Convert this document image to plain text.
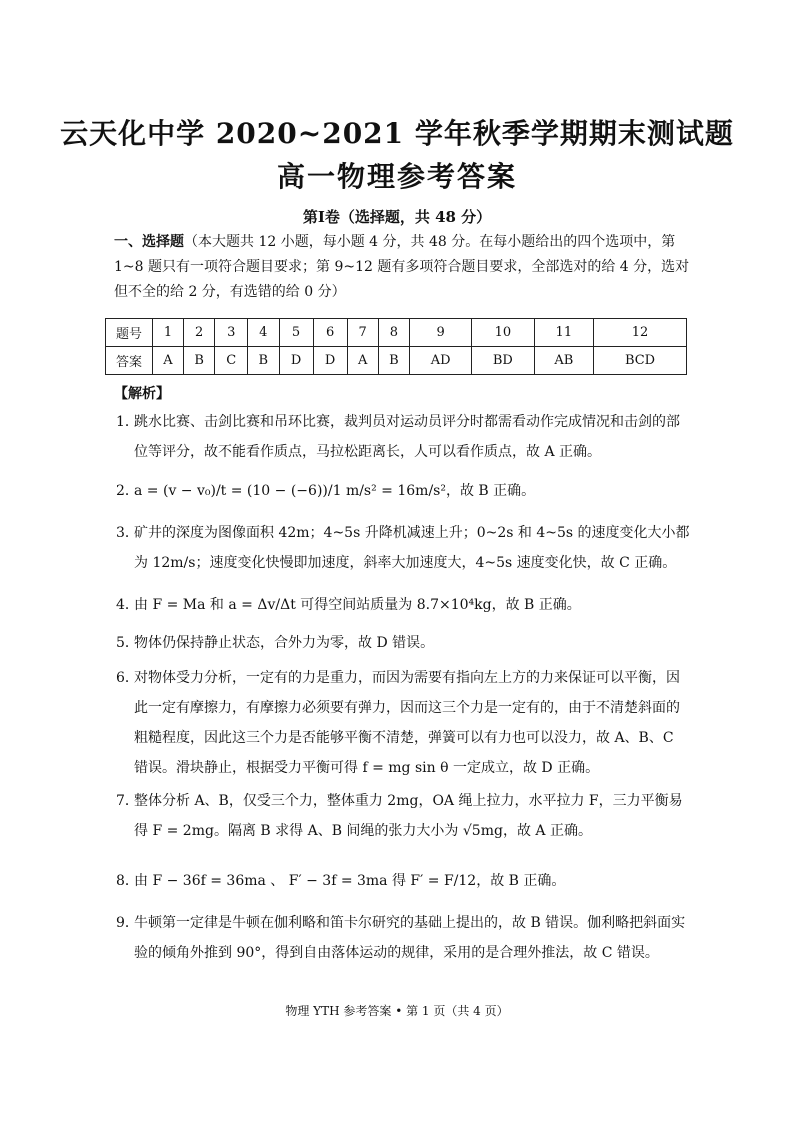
云天化中学 2020~2021 学年秋季学期期末测试题
高一物理参考答案
第Ⅰ卷（选择题，共 48 分）
一、选择题（本大题共 12 小题，每小题 4 分，共 48 分。在每小题给出的四个选项中，第 1~8 题只有一项符合题目要求；第 9~12 题有多项符合题目要求，全部选对的给 4 分，选对但不全的给 2 分，有选错的给 0 分）
题号	1	2	3	4	5	6	7	8	9	10	11	12
答案	A	B	C	B	D	D	A	B	AD	BD	AB	BCD
【解析】
1．
跳水比赛、击剑比赛和吊环比赛，裁判员对运动员评分时都需看动作完成情况和击剑的部位等评分，故不能看作质点，马拉松距离长，人可以看作质点，故 A 正确。
2．
a = (v − v₀)/t = (10 − (−6))/1 m/s² = 16m/s²，故 B 正确。
3．
矿井的深度为图像面积 42m；4~5s 升降机减速上升；0~2s 和 4~5s 的速度变化大小都为 12m/s；速度变化快慢即加速度，斜率大加速度大，4~5s 速度变化快，故 C 正确。
4．
由 F = Ma 和 a = Δv/Δt 可得空间站质量为 8.7×10⁴kg，故 B 正确。
5．
物体仍保持静止状态，合外力为零，故 D 错误。
6．
对物体受力分析，一定有的力是重力，而因为需要有指向左上方的力来保证可以平衡，因此一定有摩擦力，有摩擦力必须要有弹力，因而这三个力是一定有的，由于不清楚斜面的粗糙程度，因此这三个力是否能够平衡不清楚，弹簧可以有力也可以没力，故 A、B、C 错误。滑块静止，根据受力平衡可得 f = mg sin θ 一定成立，故 D 正确。
7．
整体分析 A、B，仅受三个力，整体重力 2mg，OA 绳上拉力，水平拉力 F，三力平衡易得 F = 2mg。隔离 B 求得 A、B 间绳的张力大小为 √5mg，故 A 正确。
8．
由 F − 36f = 36ma 、 F′ − 3f = 3ma 得 F′ = F/12，故 B 正确。
9．
牛顿第一定律是牛顿在伽利略和笛卡尔研究的基础上提出的，故 B 错误。伽利略把斜面实验的倾角外推到 90°，得到自由落体运动的规律，采用的是合理外推法，故 C 错误。
物理 YTH 参考答案 • 第 1 页（共 4 页）
